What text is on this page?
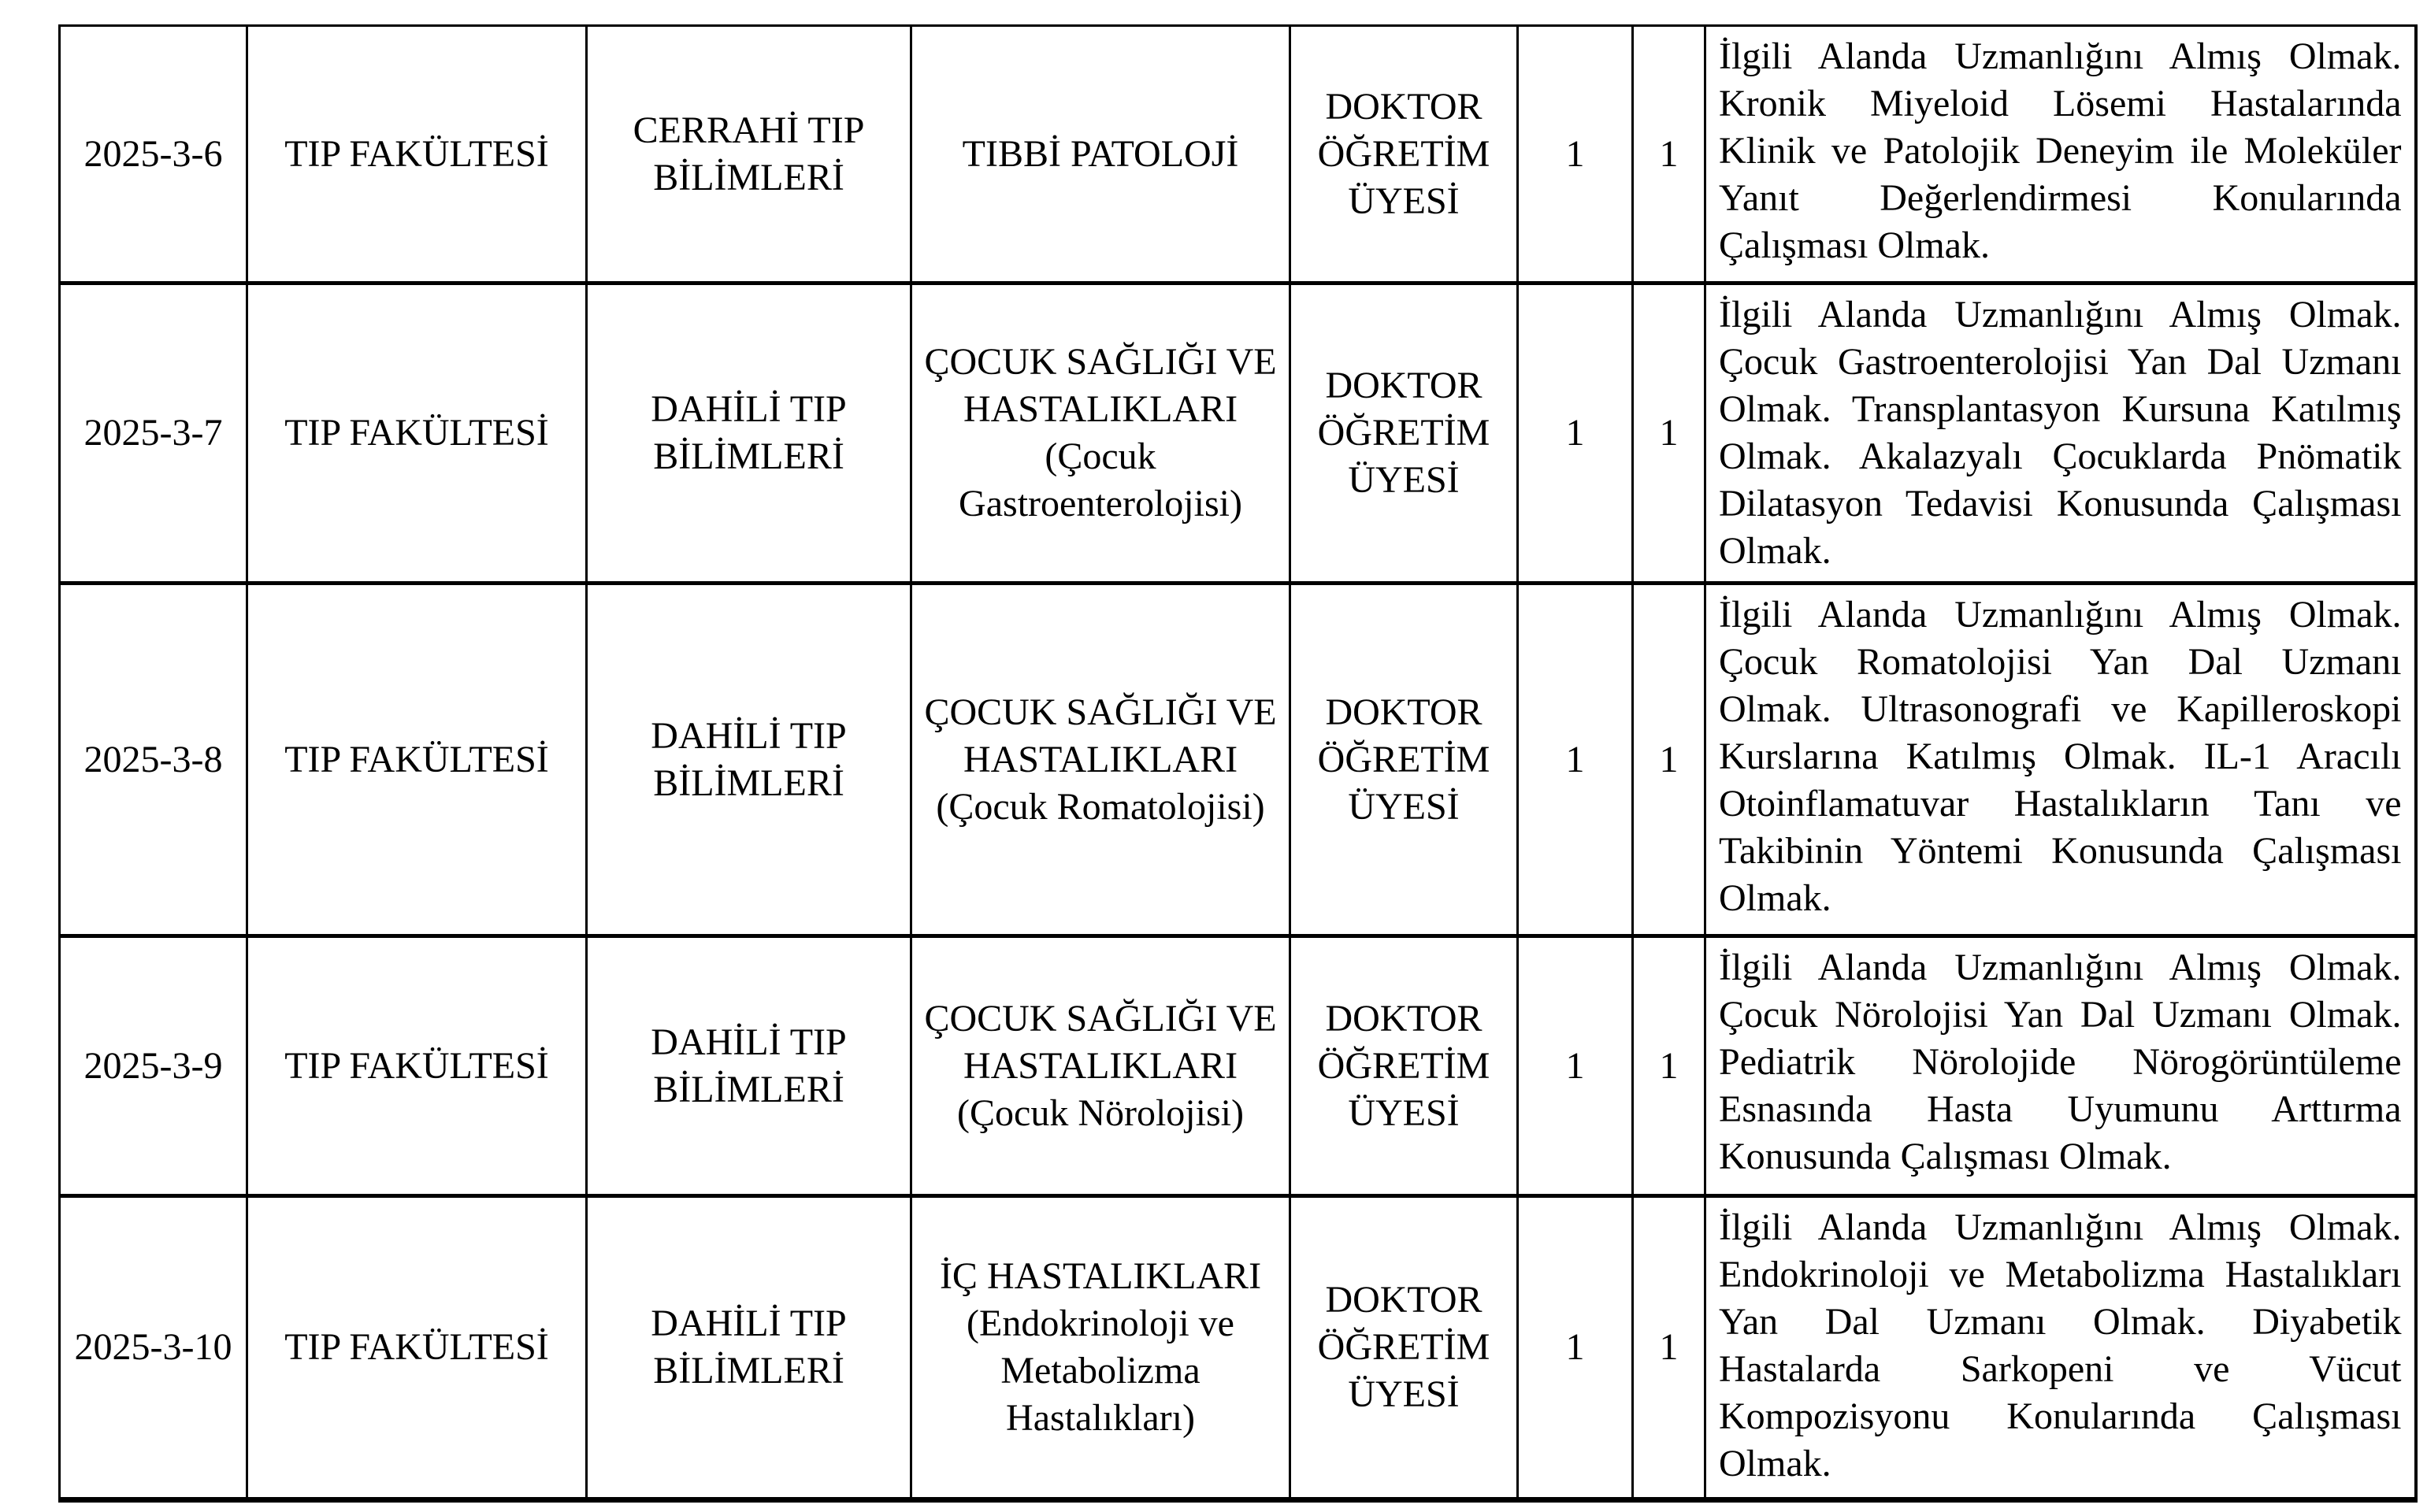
2025-3-6	TIP FAKÜLTESİ	CERRAHİ TIP BİLİMLERİ	TIBBİ PATOLOJİ	DOKTOR ÖĞRETİM ÜYESİ	1	1	İlgili Alanda Uzmanlığını Almış Olmak. Kronik Miyeloid Lösemi Hastalarında Klinik ve Patolojik Deneyim ile Moleküler Yanıt Değerlendirmesi Konularında Çalışması Olmak.
2025-3-7	TIP FAKÜLTESİ	DAHİLİ TIP BİLİMLERİ	ÇOCUK SAĞLIĞI VE HASTALIKLARI (Çocuk Gastroenterolojisi)	DOKTOR ÖĞRETİM ÜYESİ	1	1	İlgili Alanda Uzmanlığını Almış Olmak. Çocuk Gastroenterolojisi Yan Dal Uzmanı Olmak. Transplantasyon Kursuna Katılmış Olmak. Akalazyalı Çocuklarda Pnömatik Dilatasyon Tedavisi Konusunda Çalışması Olmak.
2025-3-8	TIP FAKÜLTESİ	DAHİLİ TIP BİLİMLERİ	ÇOCUK SAĞLIĞI VE HASTALIKLARI (Çocuk Romatolojisi)	DOKTOR ÖĞRETİM ÜYESİ	1	1	İlgili Alanda Uzmanlığını Almış Olmak. Çocuk Romatolojisi Yan Dal Uzmanı Olmak. Ultrasonografi ve Kapilleroskopi Kurslarına Katılmış Olmak. IL-1 Aracılı Otoinflamatuvar Hastalıkların Tanı ve Takibinin Yöntemi Konusunda Çalışması Olmak.
2025-3-9	TIP FAKÜLTESİ	DAHİLİ TIP BİLİMLERİ	ÇOCUK SAĞLIĞI VE HASTALIKLARI (Çocuk Nörolojisi)	DOKTOR ÖĞRETİM ÜYESİ	1	1	İlgili Alanda Uzmanlığını Almış Olmak. Çocuk Nörolojisi Yan Dal Uzmanı Olmak. Pediatrik Nörolojide Nörogörüntüleme Esnasında Hasta Uyumunu Arttırma Konusunda Çalışması Olmak.
2025-3-10	TIP FAKÜLTESİ	DAHİLİ TIP BİLİMLERİ	İÇ HASTALIKLARI (Endokrinoloji ve Metabolizma Hastalıkları)	DOKTOR ÖĞRETİM ÜYESİ	1	1	İlgili Alanda Uzmanlığını Almış Olmak. Endokrinoloji ve Metabolizma Hastalıkları Yan Dal Uzmanı Olmak. Diyabetik Hastalarda Sarkopeni ve Vücut Kompozisyonu Konularında Çalışması Olmak.
